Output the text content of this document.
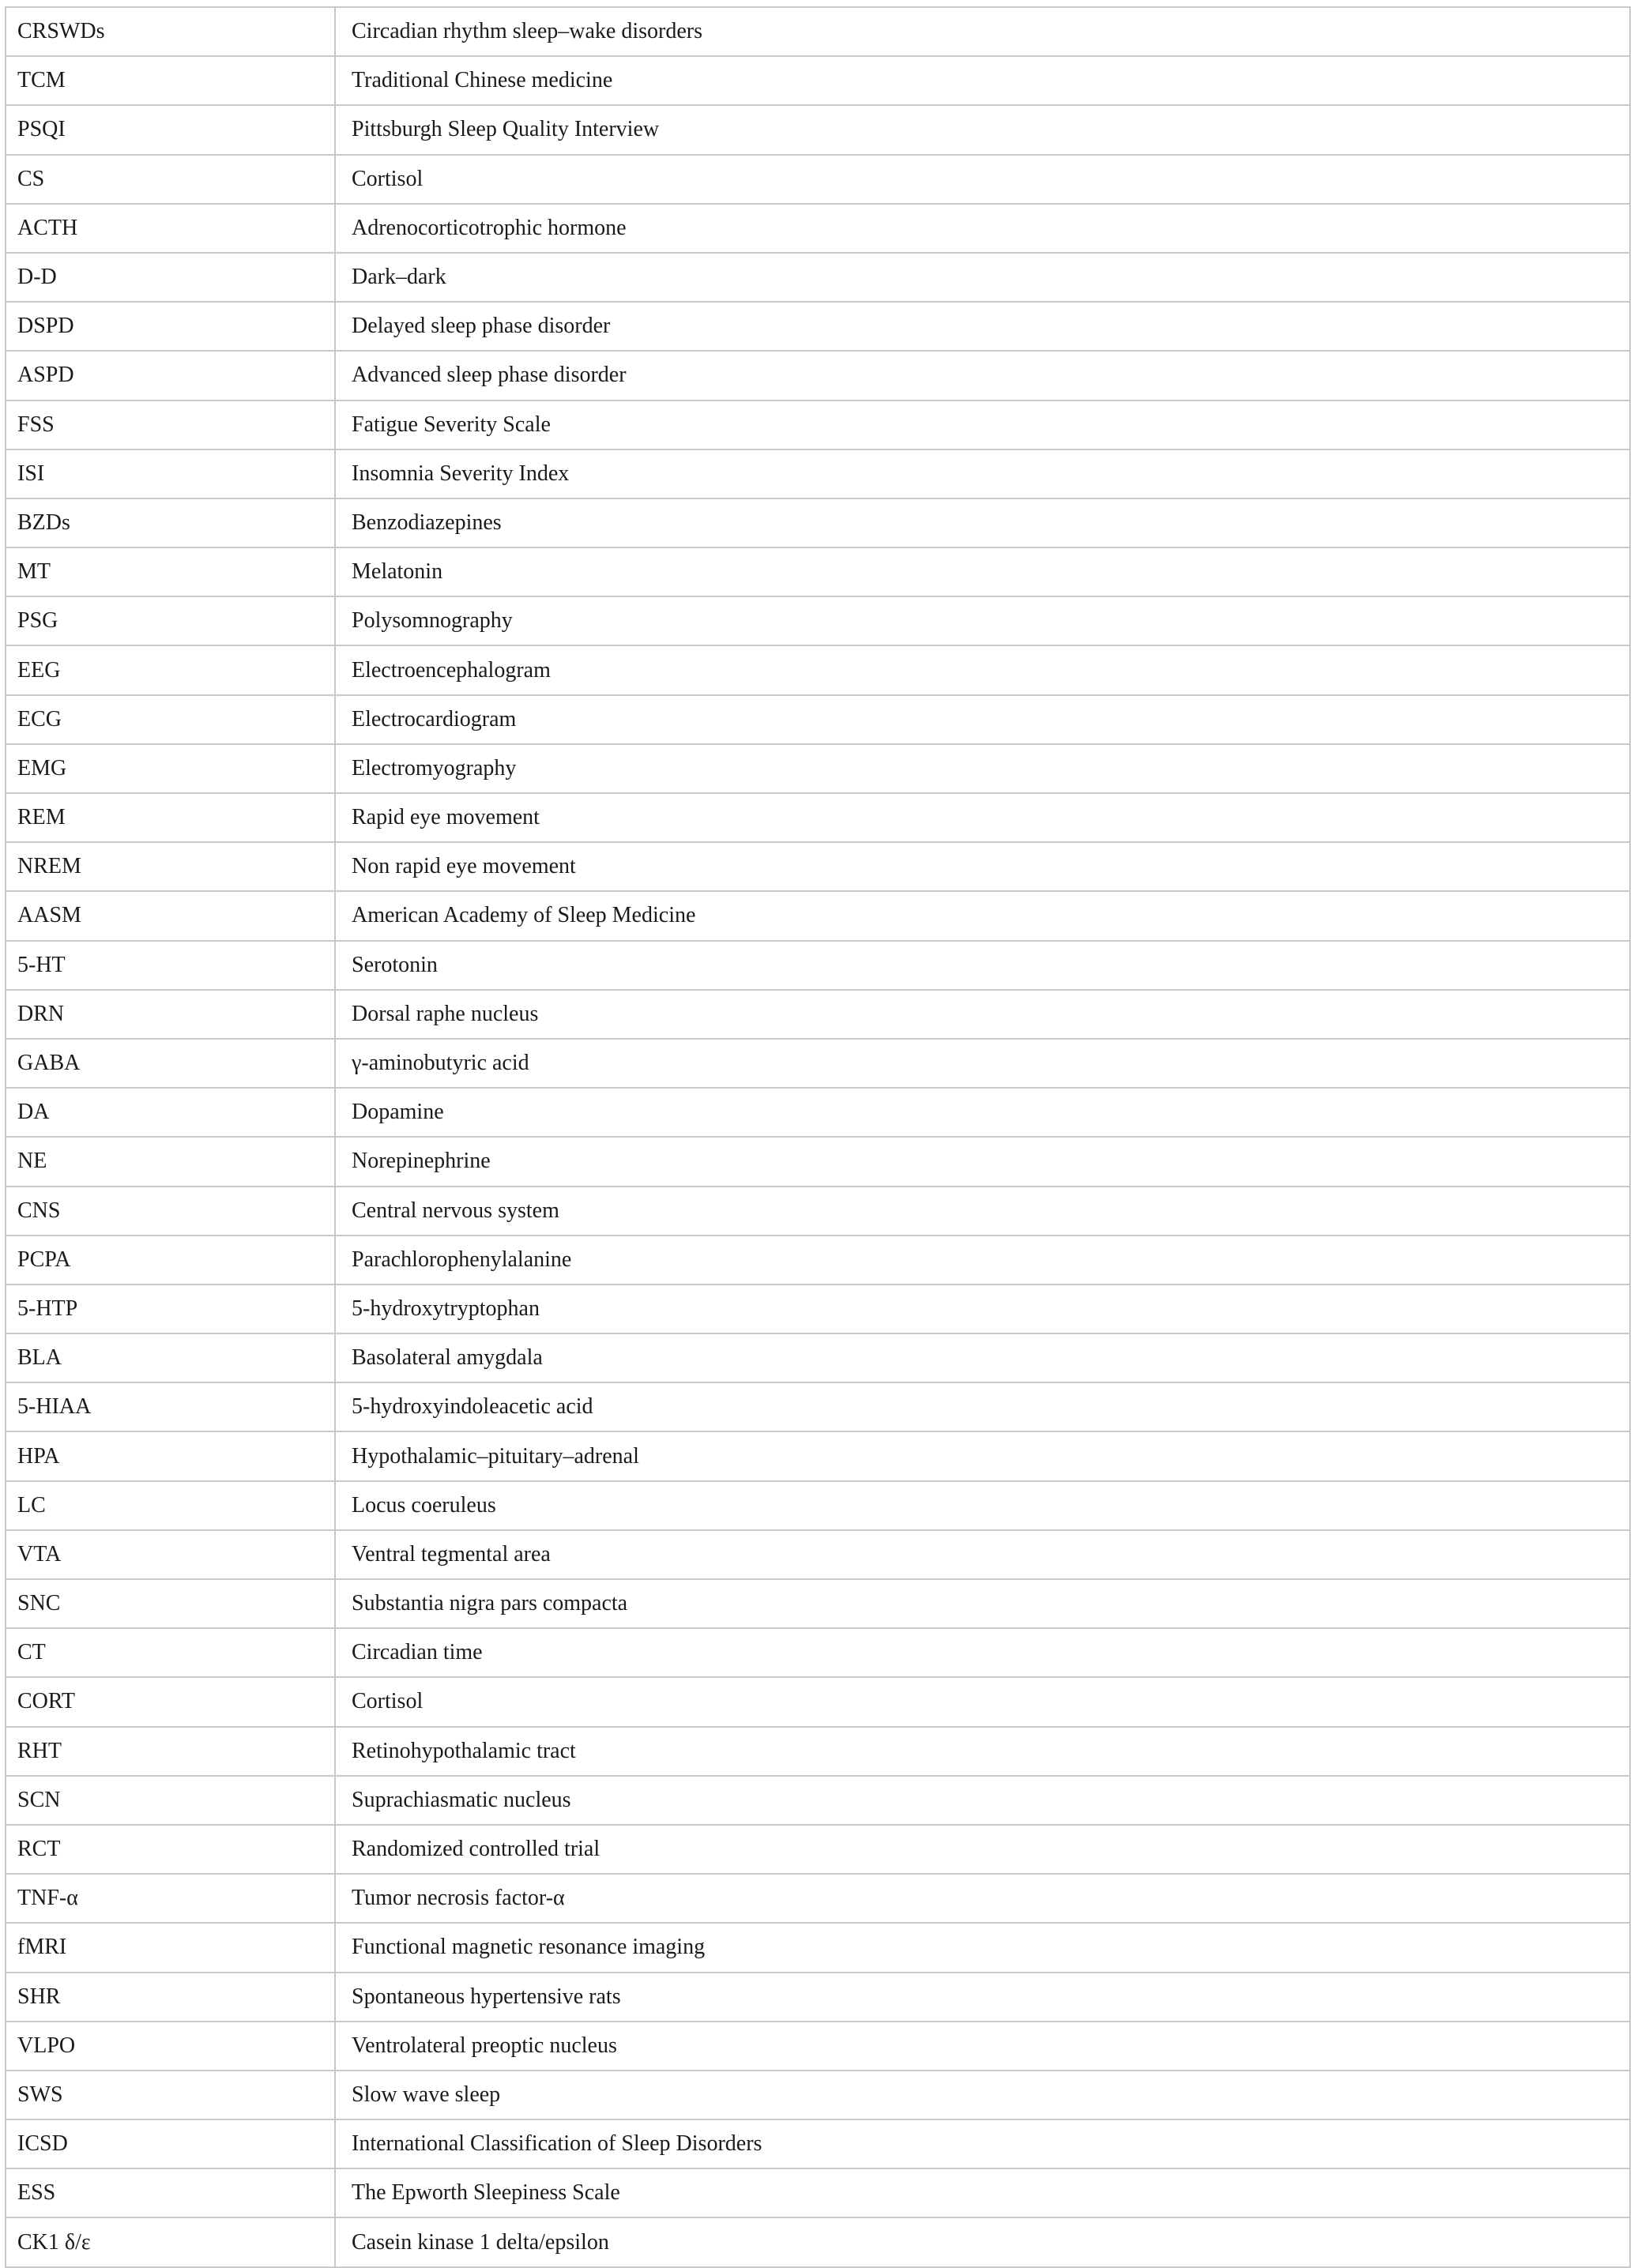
CRSWDs	Circadian rhythm sleep–wake disorders
TCM	Traditional Chinese medicine
PSQI	Pittsburgh Sleep Quality Interview
CS	Cortisol
ACTH	Adrenocorticotrophic hormone
D-D	Dark–dark
DSPD	Delayed sleep phase disorder
ASPD	Advanced sleep phase disorder
FSS	Fatigue Severity Scale
ISI	Insomnia Severity Index
BZDs	Benzodiazepines
MT	Melatonin
PSG	Polysomnography
EEG	Electroencephalogram
ECG	Electrocardiogram
EMG	Electromyography
REM	Rapid eye movement
NREM	Non rapid eye movement
AASM	American Academy of Sleep Medicine
5-HT	Serotonin
DRN	Dorsal raphe nucleus
GABA	γ-aminobutyric acid
DA	Dopamine
NE	Norepinephrine
CNS	Central nervous system
PCPA	Parachlorophenylalanine
5-HTP	5-hydroxytryptophan
BLA	Basolateral amygdala
5-HIAA	5-hydroxyindoleacetic acid
HPA	Hypothalamic–pituitary–adrenal
LC	Locus coeruleus
VTA	Ventral tegmental area
SNC	Substantia nigra pars compacta
CT	Circadian time
CORT	Cortisol
RHT	Retinohypothalamic tract
SCN	Suprachiasmatic nucleus
RCT	Randomized controlled trial
TNF-α	Tumor necrosis factor-α
fMRI	Functional magnetic resonance imaging
SHR	Spontaneous hypertensive rats
VLPO	Ventrolateral preoptic nucleus
SWS	Slow wave sleep
ICSD	International Classification of Sleep Disorders
ESS	The Epworth Sleepiness Scale
CK1 δ/ε	Casein kinase 1 delta/epsilon
